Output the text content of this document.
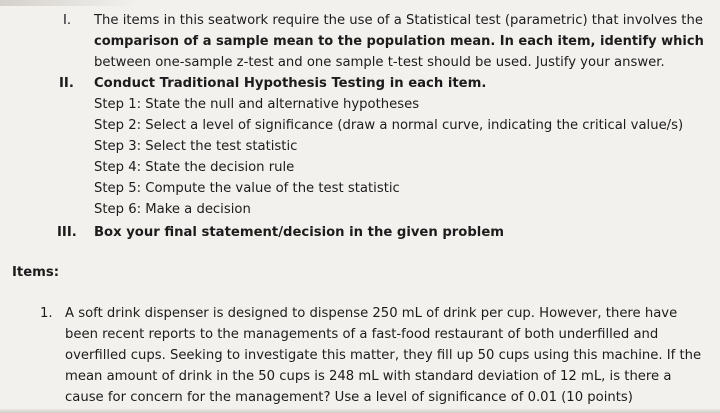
I. The items in this seatwork require the use of a Statistical test (parametric) that involves the
comparison of a sample mean to the population mean. In each item, identify which
between one-sample z-test and one sample t-test should be used. Justify your answer.
II. Conduct Traditional Hypothesis Testing in each item.
Step 1: State the null and alternative hypotheses
Step 2: Select a level of significance (draw a normal curve, indicating the critical value/s)
Step 3: Select the test statistic
Step 4: State the decision rule
Step 5: Compute the value of the test statistic
Step 6: Make a decision
III. Box your final statement/decision in the given problem
Items:
1. A soft drink dispenser is designed to dispense 250 mL of drink per cup. However, there have
been recent reports to the managements of a fast-food restaurant of both underfilled and
overfilled cups. Seeking to investigate this matter, they fill up 50 cups using this machine. If the
mean amount of drink in the 50 cups is 248 mL with standard deviation of 12 mL, is there a
cause for concern for the management? Use a level of significance of 0.01 (10 points)
